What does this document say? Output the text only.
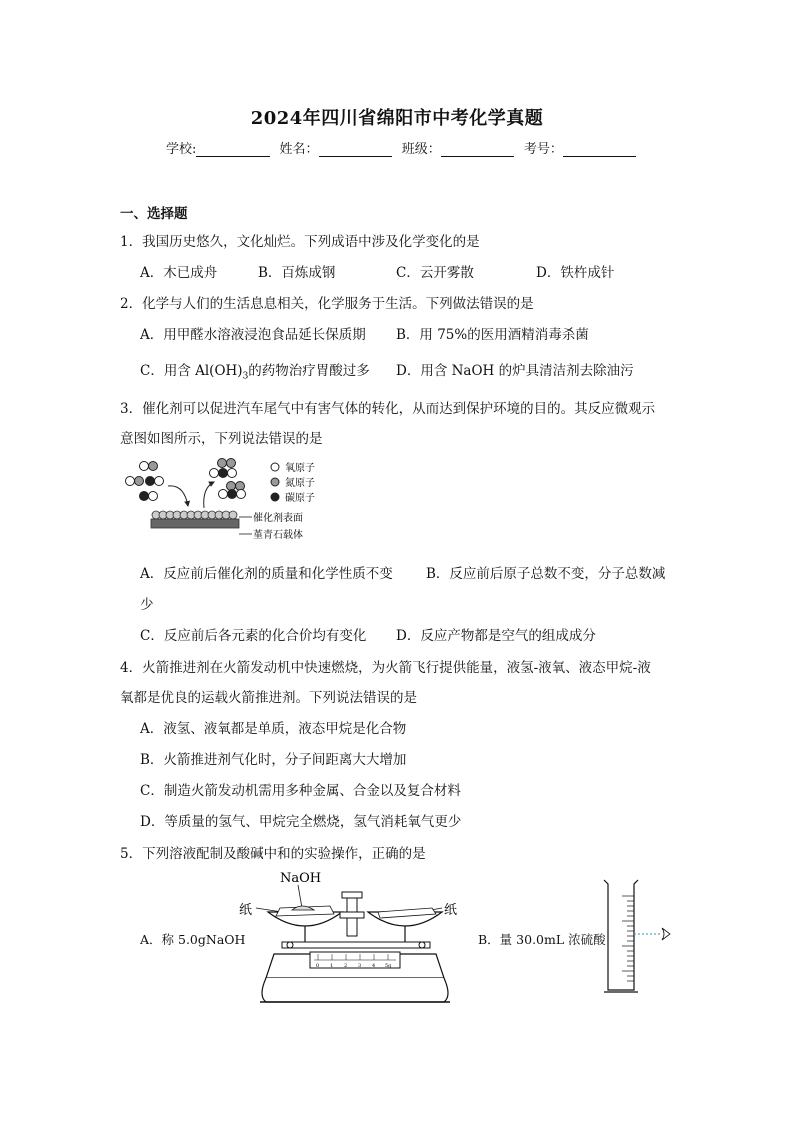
2024年四川省绵阳市中考化学真题
学校:	姓名：	班级：	考号：
一、选择题
1．我国历史悠久，文化灿烂。下列成语中涉及化学变化的是
A．木已成舟	B．百炼成钢	C．云开雾散	D．铁杵成针
2．化学与人们的生活息息相关，化学服务于生活。下列做法错误的是
A．用甲醛水溶液浸泡食品延长保质期 B．用 75%的医用酒精消毒杀菌
C．用含 $Al(OH)_3$的药物治疗胃酸过多 D．用含 NaOH 的炉具清洁剂去除油污
3．催化剂可以促进汽车尾气中有害气体的转化，从而达到保护环境的目的。其反应微观示
意图如图所示，下列说法错误的是
氧原子
氮原子
碳原子
催化剂表面
堇青石载体
A．反应前后催化剂的质量和化学性质不变 B．反应前后原子总数不变，分子总数减
少
C．反应前后各元素的化合价均有变化 D．反应产物都是空气的组成成分
4．火箭推进剂在火箭发动机中快速燃烧，为火箭飞行提供能量，液氢-液氧、液态甲烷-液
氧都是优良的运载火箭推进剂。下列说法错误的是
A．液氢、液氧都是单质，液态甲烷是化合物
B．火箭推进剂气化时，分子间距离大大增加
C．制造火箭发动机需用多种金属、合金以及复合材料
D．等质量的氢气、甲烷完全燃烧，氢气消耗氧气更少
5．下列溶液配制及酸碱中和的实验操作，正确的是
A．称 5.0gNaOH	B．量 30.0mL 浓硫酸
NaOH
纸	纸
0 1 2 3 4 5g
